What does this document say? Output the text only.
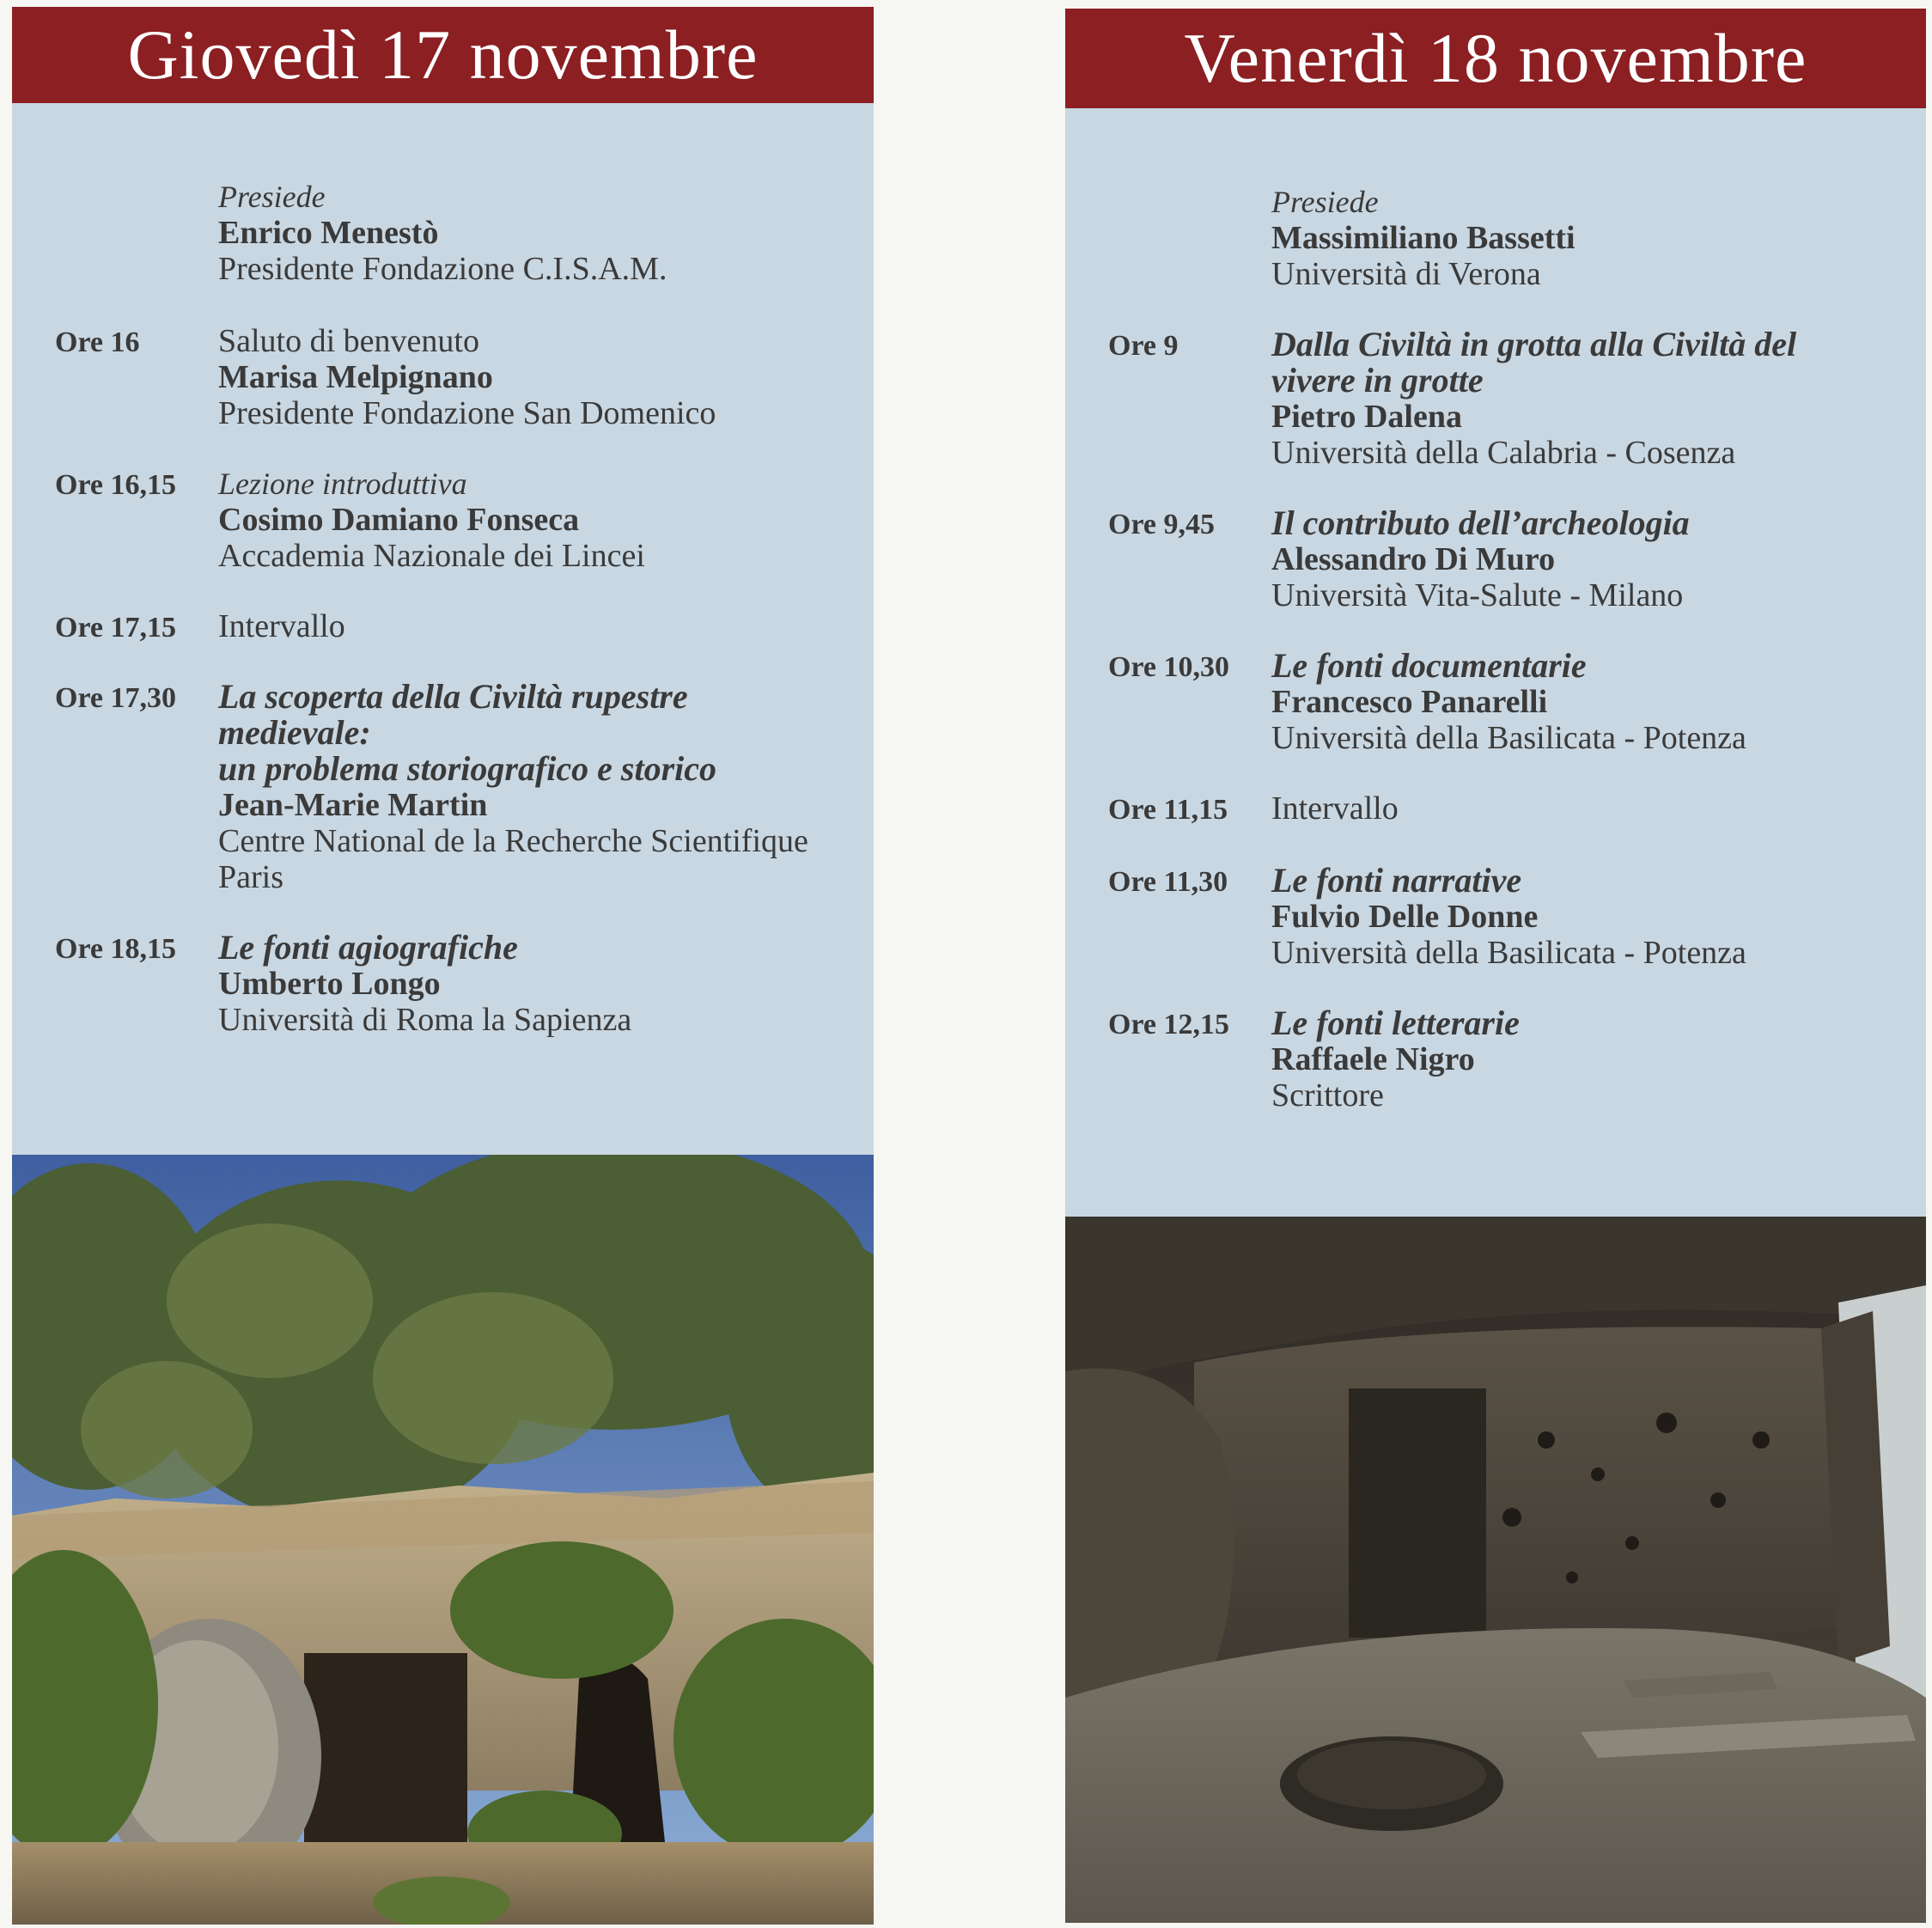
Giovedì 17 novembre
Presiede
Enrico Menestò
Presidente Fondazione C.I.S.A.M.
Ore 16 Saluto di benvenuto
Marisa Melpignano
Presidente Fondazione San Domenico
Ore 16,15 Lezione introduttiva
Cosimo Damiano Fonseca
Accademia Nazionale dei Lincei
Ore 17,15 Intervallo
Ore 17,30 La scoperta della Civiltà rupestre
medievale:
un problema storiografico e storico
Jean-Marie Martin
Centre National de la Recherche Scientifique
Paris
Ore 18,15 Le fonti agiografiche
Umberto Longo
Università di Roma la Sapienza
Venerdì 18 novembre
Presiede
Massimiliano Bassetti
Università di Verona
Ore 9	Dalla Civiltà in grotta alla Civiltà del
vivere in grotte
Pietro Dalena
Università della Calabria - Cosenza
Ore 9,45 Il contributo dell’archeologia
Alessandro Di Muro
Università Vita-Salute - Milano
Ore 10,30 Le fonti documentarie
Francesco Panarelli
Università della Basilicata - Potenza
Ore 11,15 Intervallo
Ore 11,30 Le fonti narrative
Fulvio Delle Donne
Università della Basilicata - Potenza
Ore 12,15 Le fonti letterarie
Raffaele Nigro
Scrittore
